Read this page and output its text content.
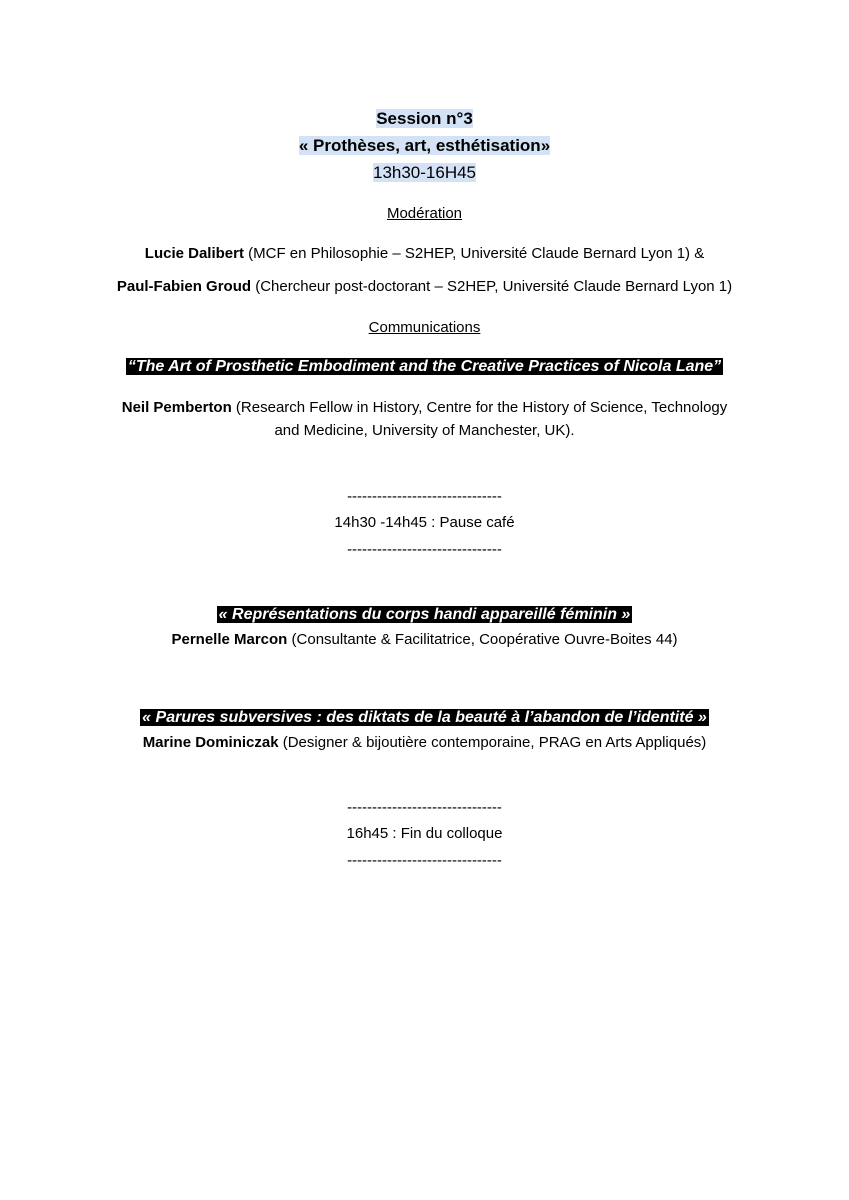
Session n°3
« Prothèses, art, esthétisation»
13h30-16H45
Modération
Lucie Dalibert (MCF en Philosophie – S2HEP, Université Claude Bernard Lyon 1) &
Paul-Fabien Groud (Chercheur post-doctorant – S2HEP, Université Claude Bernard Lyon 1)
Communications
“The Art of Prosthetic Embodiment and the Creative Practices of Nicola Lane”
Neil Pemberton (Research Fellow in History, Centre for the History of Science, Technology
and Medicine, University of Manchester, UK).
-------------------------------
14h30 -14h45 : Pause café
-------------------------------
« Représentations du corps handi appareillé féminin »
Pernelle Marcon (Consultante & Facilitatrice, Coopérative Ouvre-Boites 44)
« Parures subversives : des diktats de la beauté à l’abandon de l’identité »
Marine Dominiczak (Designer & bijoutière contemporaine, PRAG en Arts Appliqués)
-------------------------------
16h45 : Fin du colloque
-------------------------------
